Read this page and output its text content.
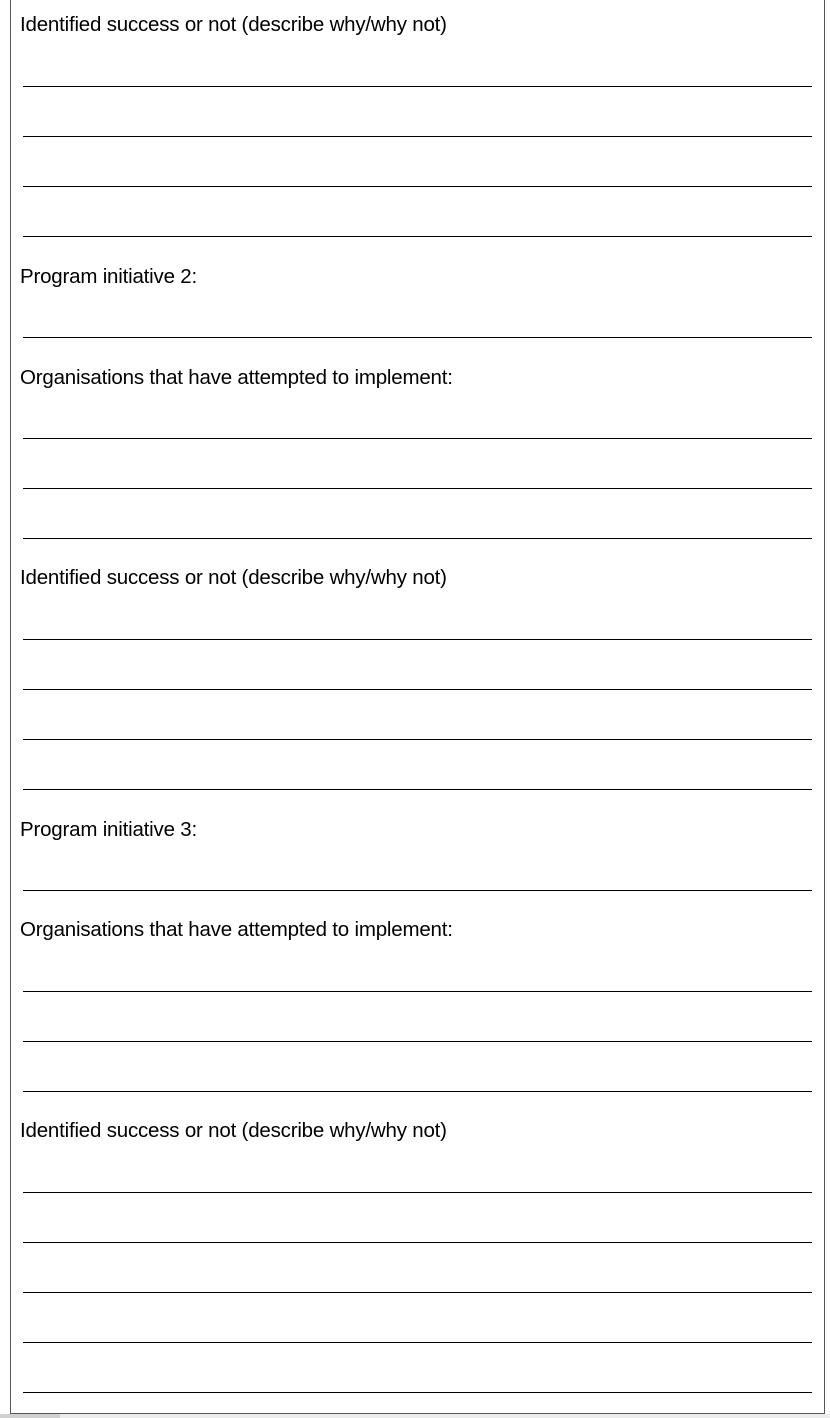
Identified success or not (describe why/why not)
Program initiative 2:
Organisations that have attempted to implement:
Identified success or not (describe why/why not)
Program initiative 3:
Organisations that have attempted to implement:
Identified success or not (describe why/why not)
